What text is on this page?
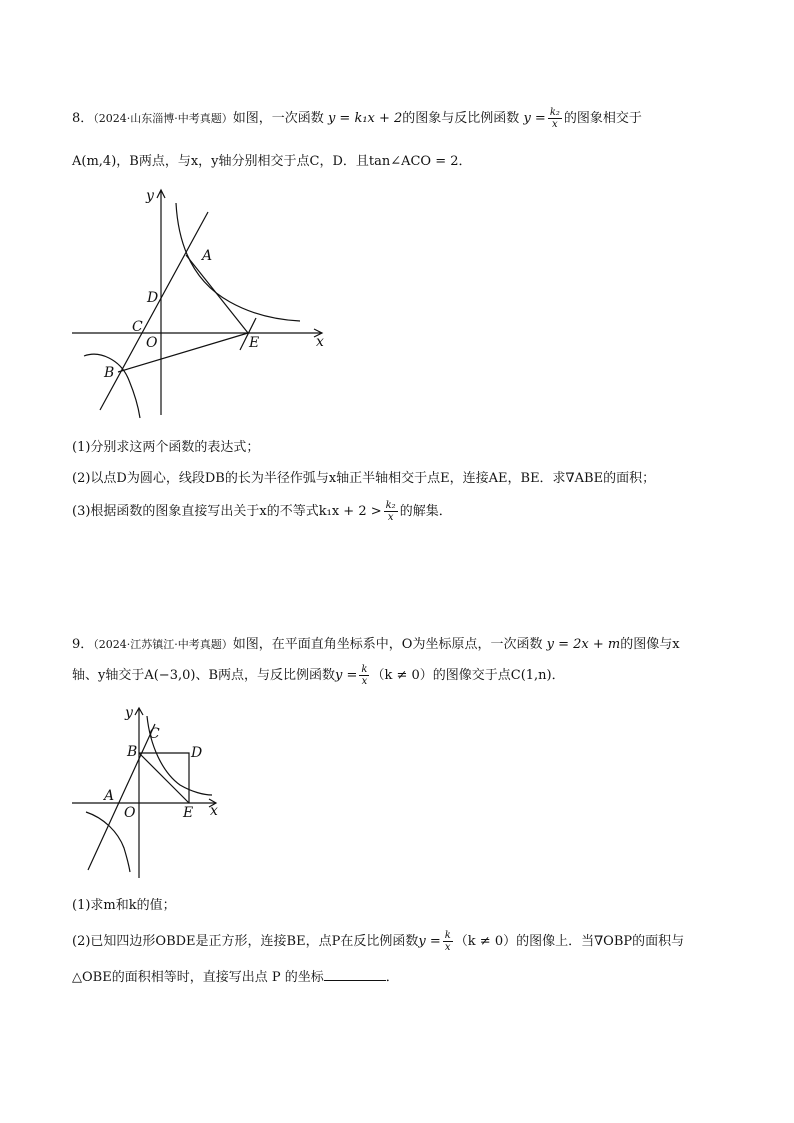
8．（2024·山东淄博·中考真题）如图，一次函数 y = k₁x + 2的图象与反比例函数 $y = \frac{\text{k₂}}{x}$ 的图象相交于
A(m,4)，B两点，与x，y轴分别相交于点C，D．且tan∠ACO = 2．
y
x
A
D
C
O	E
B
(1)分别求这两个函数的表达式；
(2)以点D为圆心，线段DB的长为半径作弧与x轴正半轴相交于点E，连接AE，BE．求∇ABE的面积；
(3)根据函数的图象直接写出关于x的不等式$k_1x + 2 > \frac{\text{k₂}}{x}$ 的解集．
9．（2024·江苏镇江·中考真题）如图，在平面直角坐标系中，O为坐标原点，一次函数 y = 2x + m的图像与x
轴、y轴交于A(−3,0)、B两点，与反比例函数$y = \frac{k}{x} (k \ne 0)$的图像交于点C(1,n)．
y
x
A
B
C
D
O	E
(1)求m和k的值；
(2)已知四边形OBDE是正方形，连接BE，点P在反比例函数$y = \frac{k}{x} (k \ne 0)$的图像上．当∇OBP的面积与
△OBE的面积相等时，直接写出点 P 的坐标	．
